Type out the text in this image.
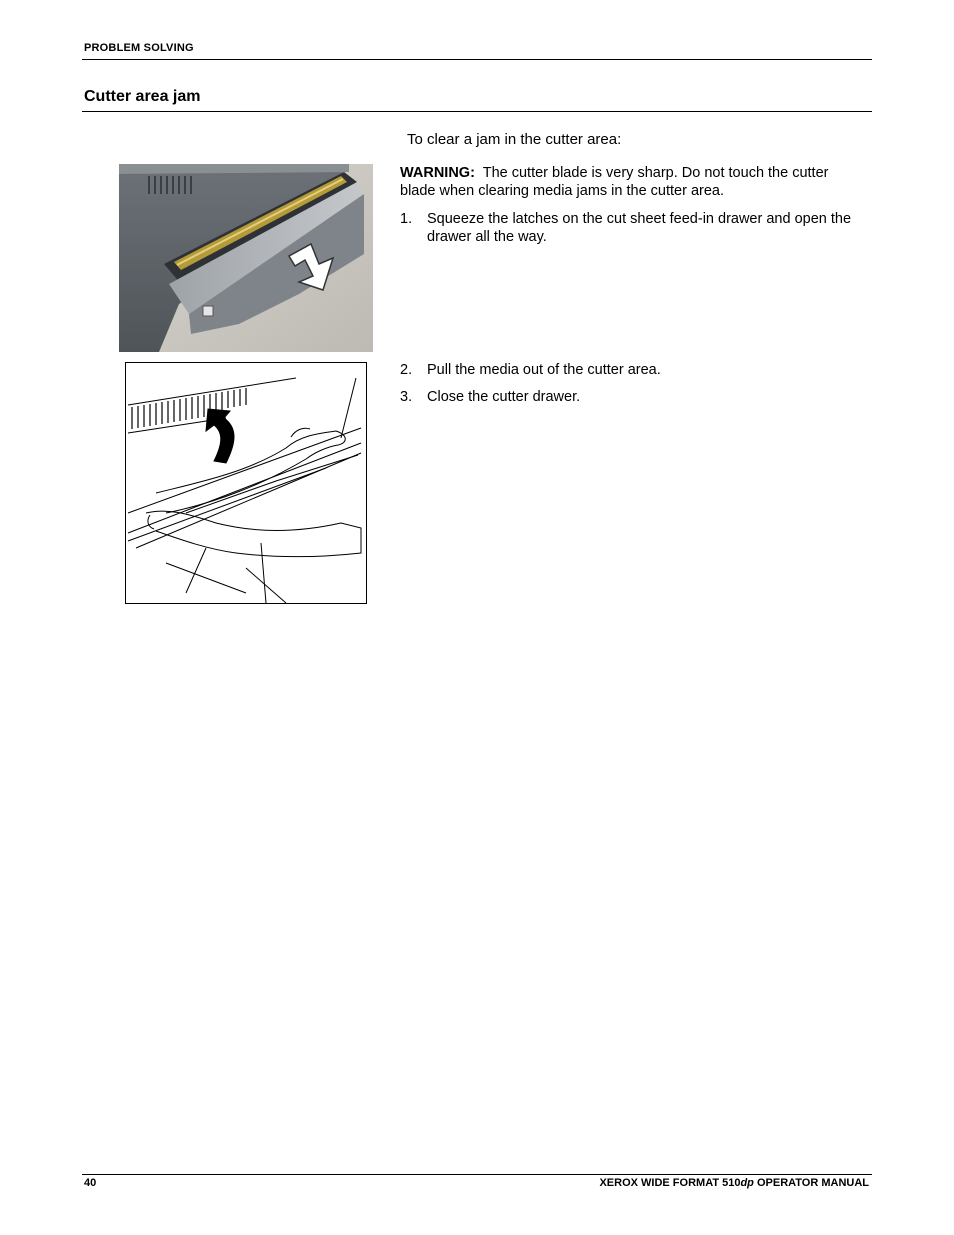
PROBLEM SOLVING
Cutter area jam
To clear a jam in the cutter area:
WARNING: The cutter blade is very sharp. Do not touch the cutter blade when clearing media jams in the cutter area.
1. Squeeze the latches on the cut sheet feed-in drawer and open the drawer all the way.
2. Pull the media out of the cutter area.
3. Close the cutter drawer.
40	XEROX WIDE FORMAT 510dp OPERATOR MANUAL
